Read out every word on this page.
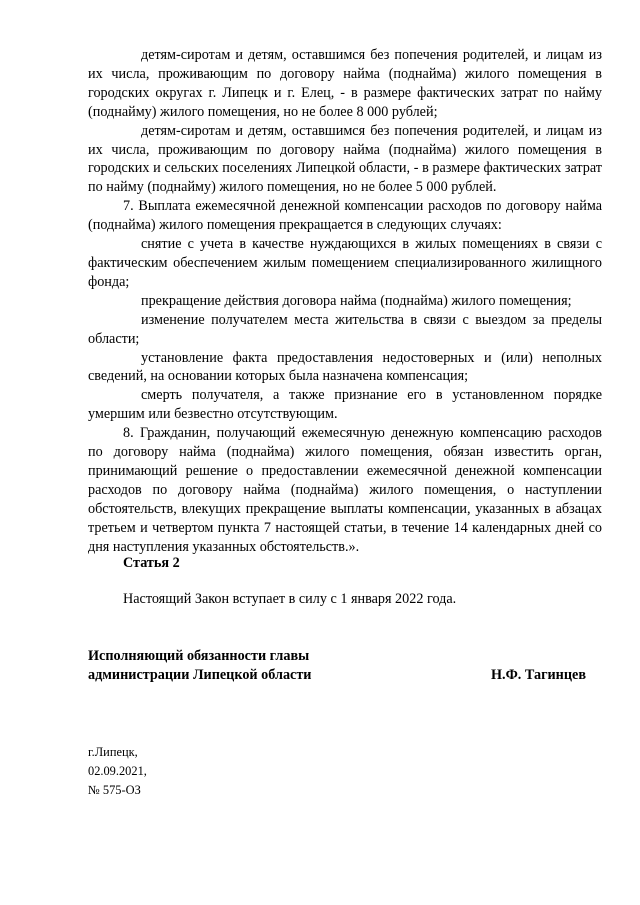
детям-сиротам и детям, оставшимся без попечения родителей, и лицам из их числа, проживающим по договору найма (поднайма) жилого помещения в городских округах г. Липецк и г. Елец, - в размере фактических затрат по найму (поднайму) жилого помещения, но не более 8 000 рублей;

детям-сиротам и детям, оставшимся без попечения родителей, и лицам из их числа, проживающим по договору найма (поднайма) жилого помещения в городских и сельских поселениях Липецкой области, - в размере фактических затрат по найму (поднайму) жилого помещения, но не более 5 000 рублей.

7. Выплата ежемесячной денежной компенсации расходов по договору найма (поднайма) жилого помещения прекращается в следующих случаях:

снятие с учета в качестве нуждающихся в жилых помещениях в связи с фактическим обеспечением жилым помещением специализированного жилищного фонда;

прекращение действия договора найма (поднайма) жилого помещения;

изменение получателем места жительства в связи с выездом за пределы области;

установление факта предоставления недостоверных и (или) неполных сведений, на основании которых была назначена компенсация;

смерть получателя, а также признание его в установленном порядке умершим или безвестно отсутствующим.

8. Гражданин, получающий ежемесячную денежную компенсацию расходов по договору найма (поднайма) жилого помещения, обязан известить орган, принимающий решение о предоставлении ежемесячной денежной компенсации расходов по договору найма (поднайма) жилого помещения, о наступлении обстоятельств, влекущих прекращение выплаты компенсации, указанных в абзацах третьем и четвертом пункта 7 настоящей статьи, в течение 14 календарных дней со дня наступления указанных обстоятельств.».

Статья 2
Настоящий Закон вступает в силу с 1 января 2022 года.
Исполняющий обязанности главы
администрации Липецкой области	Н.Ф. Тагинцев
г.Липецк,
02.09.2021,
№ 575-ОЗ
